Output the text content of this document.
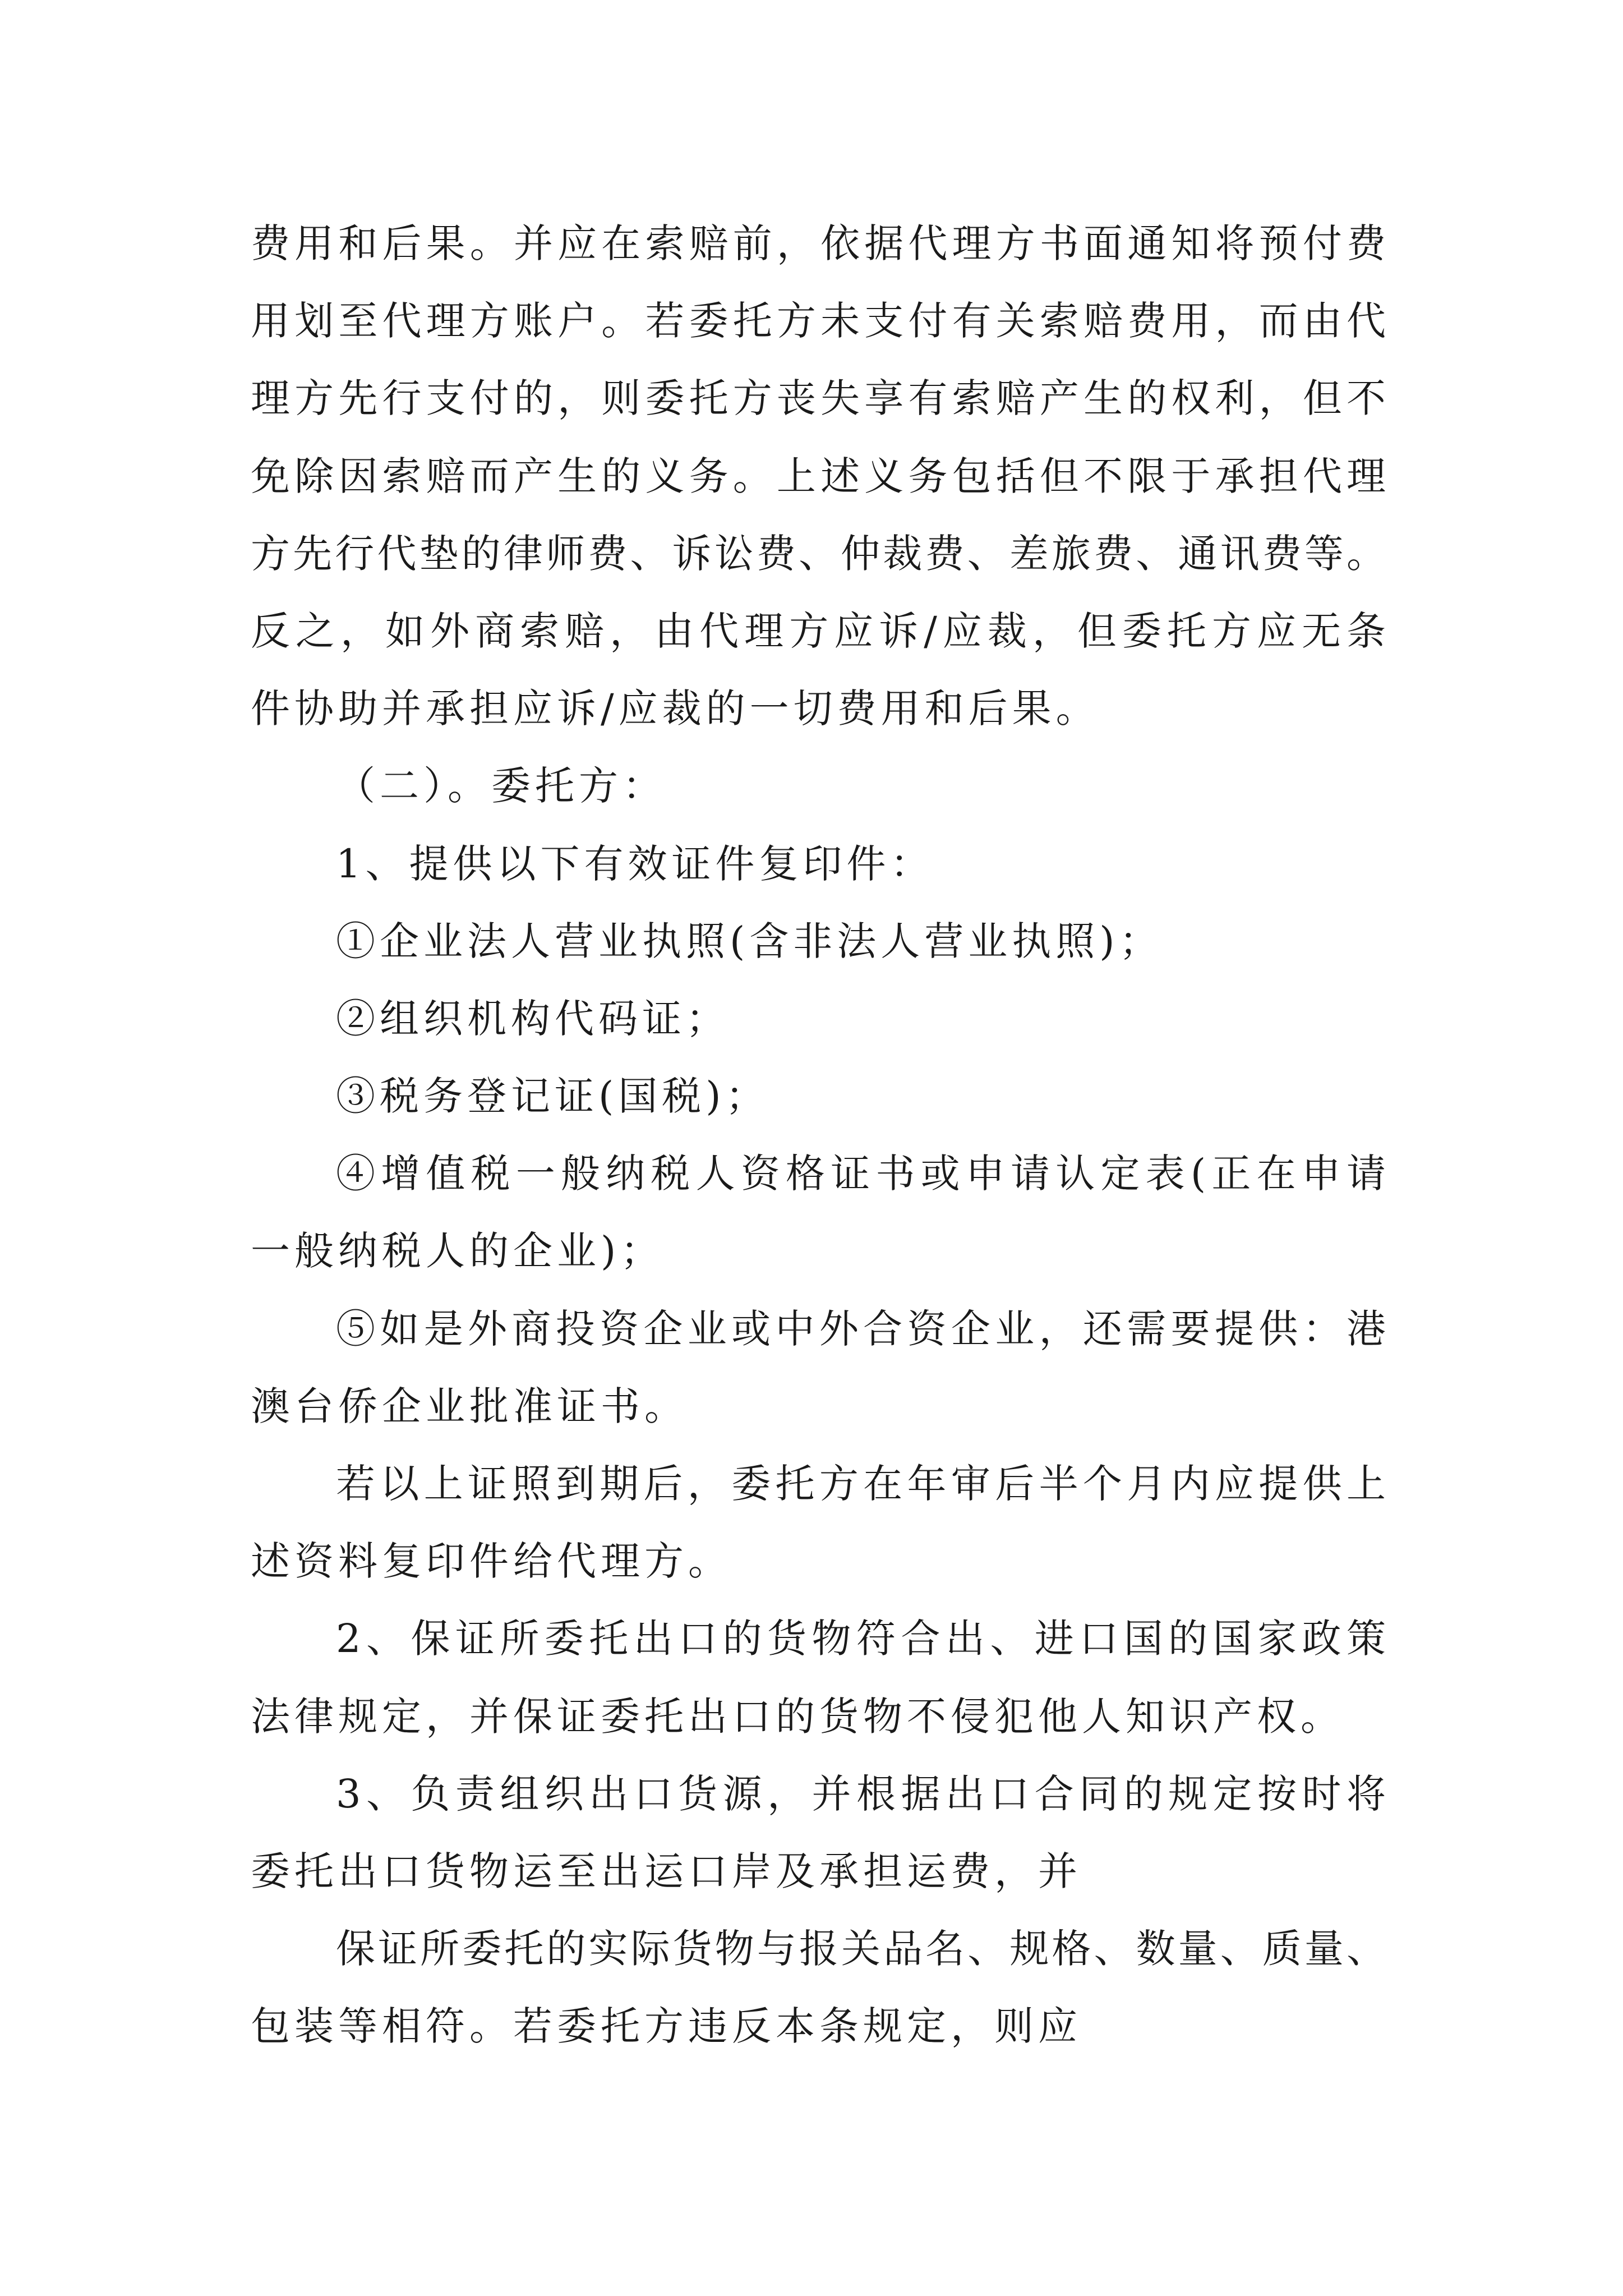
费用和后果。并应在索赔前，依据代理方书面通知将预付费
用划至代理方账户。若委托方未支付有关索赔费用，而由代
理方先行支付的，则委托方丧失享有索赔产生的权利，但不
免除因索赔而产生的义务。上述义务包括但不限于承担代理
方先行代垫的律师费、诉讼费、仲裁费、差旅费、通讯费等。
反之，如外商索赔，由代理方应诉/应裁，但委托方应无条
件协助并承担应诉/应裁的一切费用和后果。
（二）。委托方：
1、提供以下有效证件复印件：
①企业法人营业执照(含非法人营业执照)；
②组织机构代码证；
③税务登记证(国税)；
④增值税一般纳税人资格证书或申请认定表(正在申请
一般纳税人的企业)；
⑤如是外商投资企业或中外合资企业，还需要提供：港
澳台侨企业批准证书。
若以上证照到期后，委托方在年审后半个月内应提供上
述资料复印件给代理方。
2、保证所委托出口的货物符合出、进口国的国家政策
法律规定，并保证委托出口的货物不侵犯他人知识产权。
3、负责组织出口货源，并根据出口合同的规定按时将
委托出口货物运至出运口岸及承担运费，并
保证所委托的实际货物与报关品名、规格、数量、质量、
包装等相符。若委托方违反本条规定，则应
